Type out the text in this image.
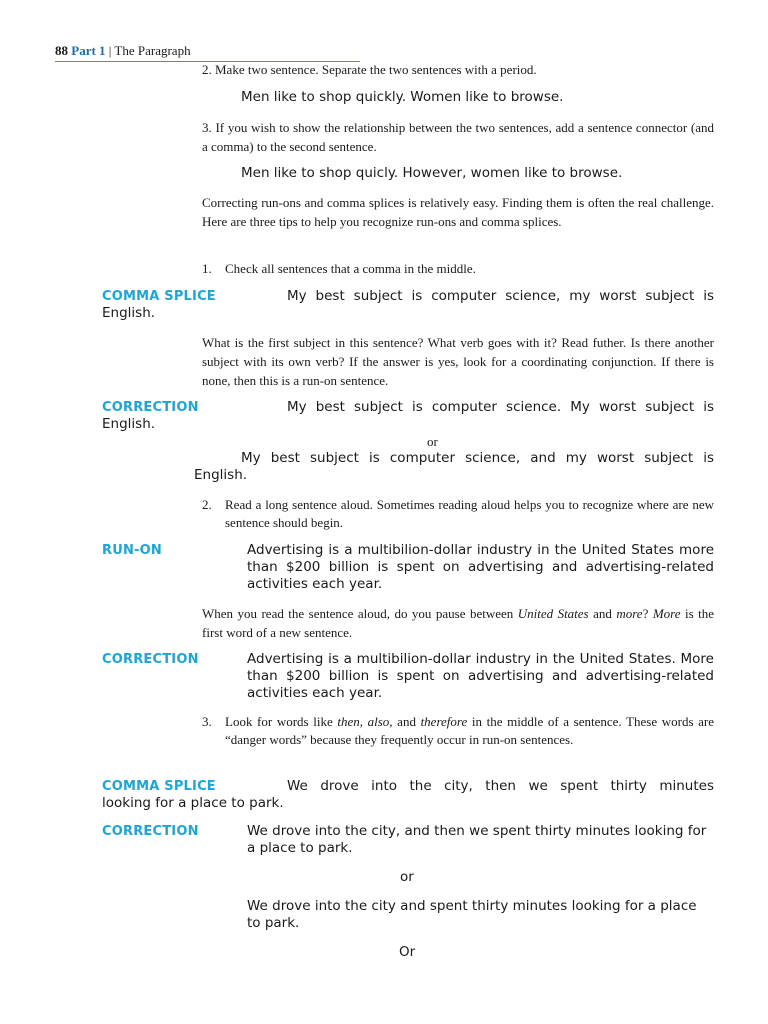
88 Part 1 | The Paragraph
2. Make two sentence. Separate the two sentences with a period.
Men like to shop quickly. Women like to browse.
3. If you wish to show the relationship between the two sentences, add a sentence connector (and a comma) to the second sentence.
Men like to shop quicly. However, women like to browse.
Correcting run-ons and comma splices is relatively easy. Finding them is often the real challenge. Here are three tips to help you recognize run-ons and comma splices.
1. Check all sentences that a comma in the middle.
COMMA SPLICE	My best subject is computer science, my worst subject is
English.
What is the first subject in this sentence? What verb goes with it? Read futher. Is there another subject with its own verb? If the answer is yes, look for a coordinating conjunction. If there is none, then this is a run-on sentence.
CORRECTION	My best subject is computer science. My worst subject is
English.
or
My best subject is computer science, and my worst subject is
English.
2. Read a long sentence aloud. Sometimes reading aloud helps you to recognize where are new sentence should begin.
RUN-ON	Advertising is a multibilion-dollar industry in the United States more than $200 billion is spent on advertising and advertising-related activities each year.
When you read the sentence aloud, do you pause between United States and more? More is the first word of a new sentence.
CORRECTION	Advertising is a multibilion-dollar industry in the United States. More than $200 billion is spent on advertising and advertising-related activities each year.
3. Look for words like then, also, and therefore in the middle of a sentence. These words are “danger words” because they frequently occur in run-on sentences.
COMMA SPLICE	We drove into the city, then we spent thirty minutes
looking for a place to park.
CORRECTION	We drove into the city, and then we spent thirty minutes looking for a place to park.
or
We drove into the city and spent thirty minutes looking for a place to park.
Or
